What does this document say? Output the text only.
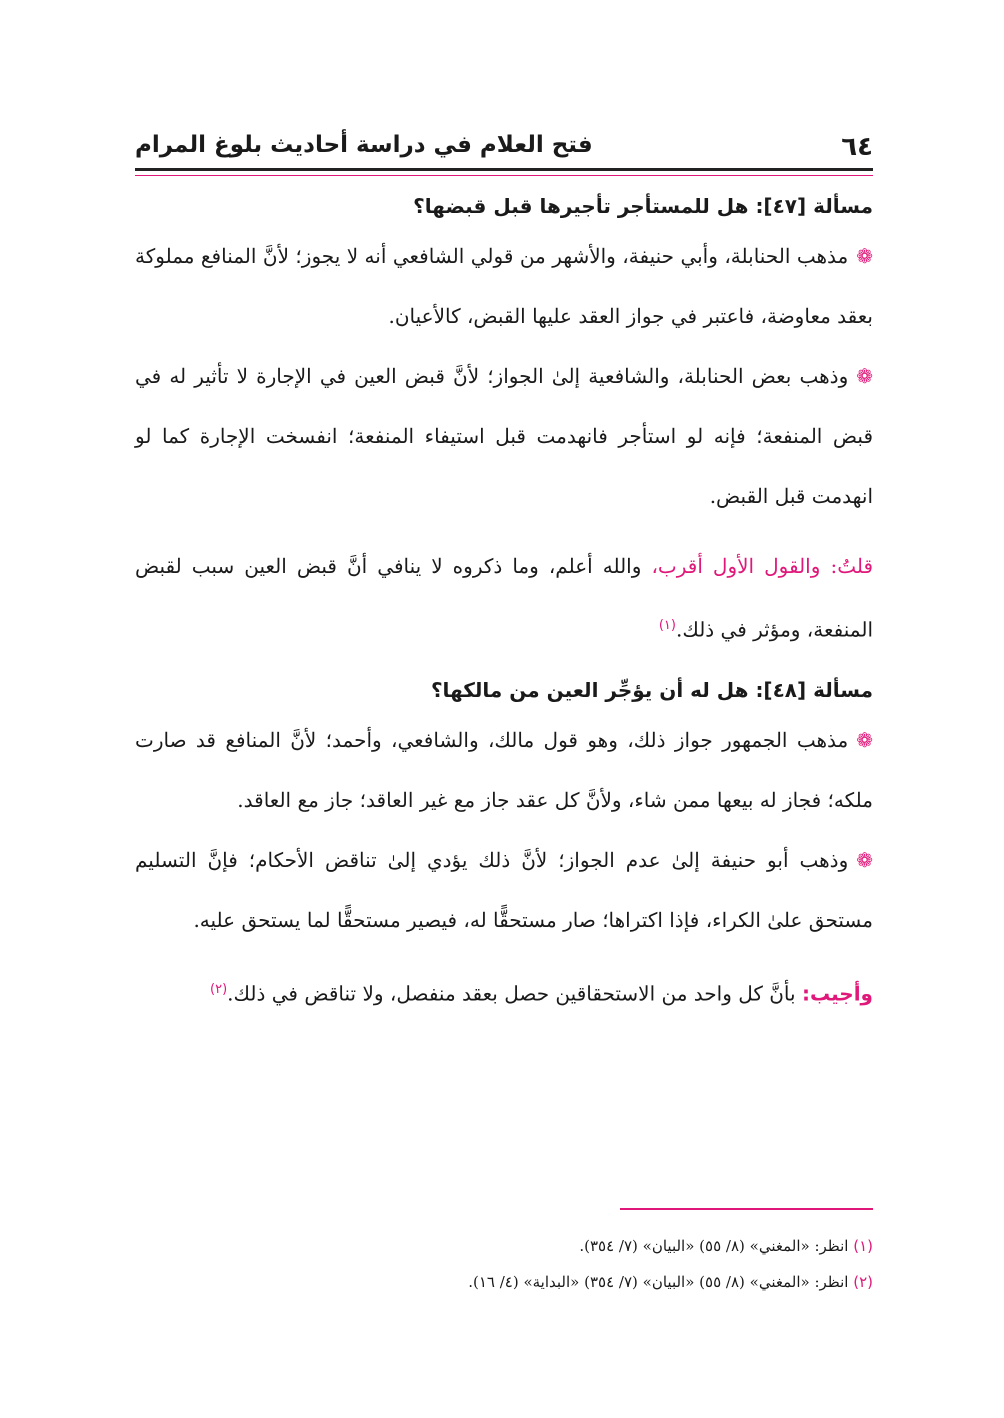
٦٤
فتح العلام في دراسة أحاديث بلوغ المرام
مسألة [٤٧]: هل للمستأجر تأجيرها قبل قبضها؟

❁مذهب الحنابلة، وأبي حنيفة، والأشهر من قولي الشافعي أنه لا يجوز؛ لأنَّ المنافع مملوكة بعقد معاوضة، فاعتبر في جواز العقد عليها القبض، كالأعيان.

❁وذهب بعض الحنابلة، والشافعية إلىٰ الجواز؛ لأنَّ قبض العين في الإجارة لا تأثير له في قبض المنفعة؛ فإنه لو استأجر فانهدمت قبل استيفاء المنفعة؛ انفسخت الإجارة كما لو انهدمت قبل القبض.

قلتُ: والقول الأول أقرب، والله أعلم، وما ذكروه لا ينافي أنَّ قبض العين سبب لقبض المنفعة، ومؤثر في ذلك.$^{(١)}$

مسألة [٤٨]: هل له أن يؤجِّر العين من مالكها؟

❁مذهب الجمهور جواز ذلك، وهو قول مالك، والشافعي، وأحمد؛ لأنَّ المنافع قد صارت ملكه؛ فجاز له بيعها ممن شاء، ولأنَّ كل عقد جاز مع غير العاقد؛ جاز مع العاقد.

❁وذهب أبو حنيفة إلىٰ عدم الجواز؛ لأنَّ ذلك يؤدي إلىٰ تناقض الأحكام؛ فإنَّ التسليم مستحق علىٰ الكراء، فإذا اكتراها؛ صار مستحقًّا له، فيصير مستحقًّا لما يستحق عليه.

وأجيب: بأنَّ كل واحد من الاستحقاقين حصل بعقد منفصل، ولا تناقض في ذلك.$^{(٢)}$

(١) انظر: «المغني» (٨/ ٥٥) «البيان» (٧/ ٣٥٤).
(٢) انظر: «المغني» (٨/ ٥٥) «البيان» (٧/ ٣٥٤) «البداية» (٤/ ١٦).
